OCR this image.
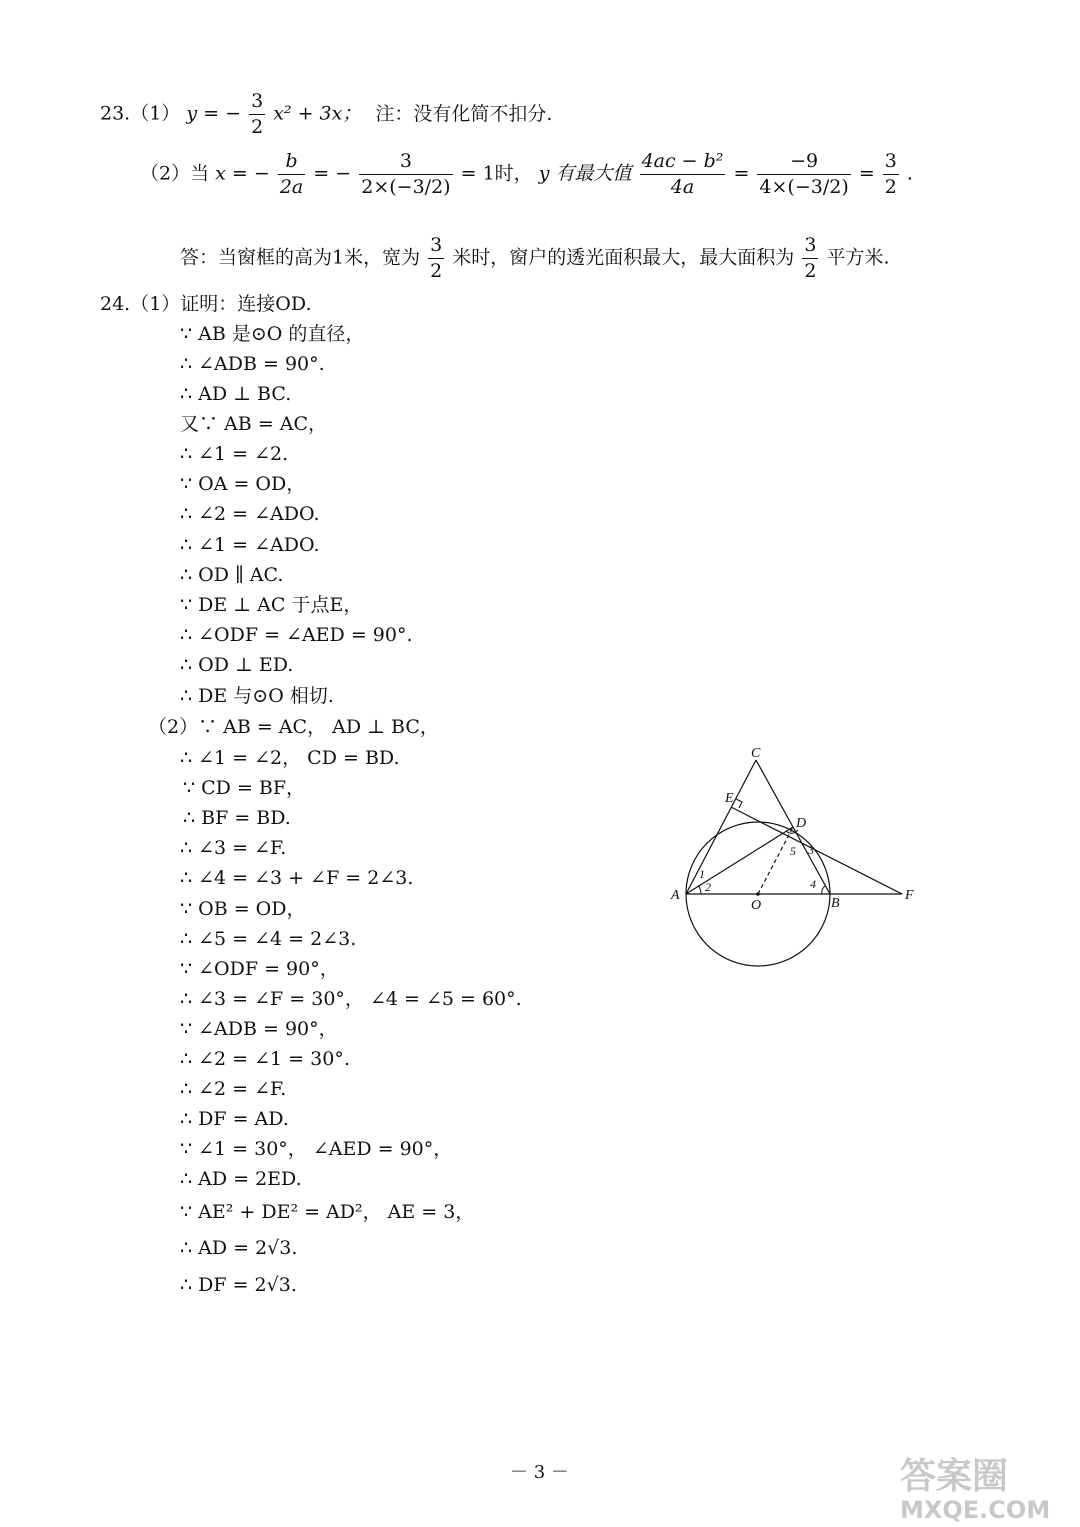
23.（1） y = − $\frac{3}{2} x^2 + 3x$； 注：没有化简不扣分.
（2）当 x = − $\frac{b}{2a}$ = − $\frac{3}{2\times(-3/2)} = 1$时， y 有最大值 $\frac{\text{4ac − b²}}{4a} = \frac{-9}{4\times(-3/2)} = \frac{3}{2}$ .
答：当窗框的高为1米，宽为 $\frac{3}{2}$ 米时，窗户的透光面积最大，最大面积为 $\frac{3}{2}$ 平方米.
24.（1）证明：连接OD.
∵ AB 是⊙O 的直径，
∴ ∠ADB = 90°.
∴ AD ⊥ BC.
又∵ AB = AC，
∴ ∠1 = ∠2.
∵ OA = OD，
∴ ∠2 = ∠ADO.
∴ ∠1 = ∠ADO.
∴ OD ∥ AC.
∵ DE ⊥ AC 于点E，
∴ ∠ODF = ∠AED = 90°.
∴ OD ⊥ ED.
∴ DE 与⊙O 相切.
（2）∵ AB = AC， AD ⊥ BC，
∴ ∠1 = ∠2， CD = BD.
∵ CD = BF，
∴ BF = BD.
∴ ∠3 = ∠F.
∴ ∠4 = ∠3 + ∠F = 2∠3.
∵ OB = OD，
∴ ∠5 = ∠4 = 2∠3.
∵ ∠ODF = 90°，
∴ ∠3 = ∠F = 30°， ∠4 = ∠5 = 60°.
∵ ∠ADB = 90°，
∴ ∠2 = ∠1 = 30°.
∴ ∠2 = ∠F.
∴ DF = AD.
∵ ∠1 = 30°， ∠AED = 90°，
∴ AD = 2ED.
∵ AE² + DE² = AD²， AE = 3，
∴ AD = 2√3.
∴ DF = 2√3.
C
E
D
A
O	B
F
1
2
3
4
5
－ 3 －	答案圈
MXQE.COM
